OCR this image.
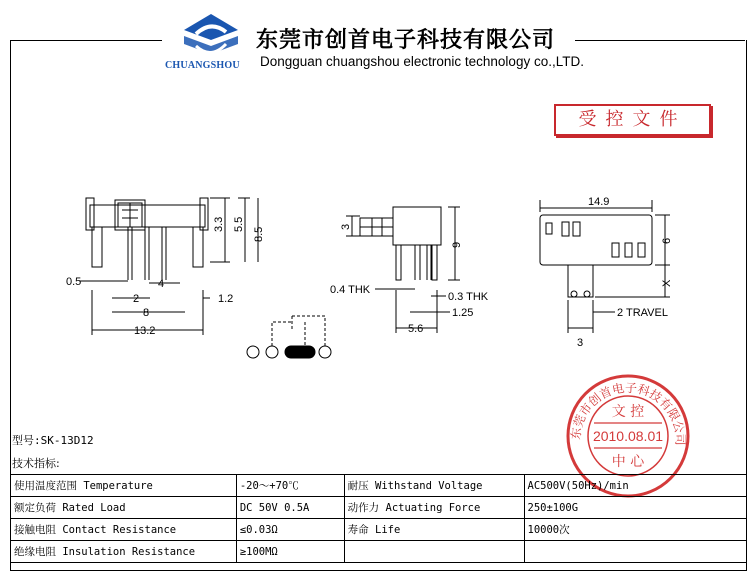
CHUANGSHOU
东莞市创首电子科技有限公司
Dongguan chuangshou electronic technology co.,LTD.
受控文件
0.5	4
2	1.2
8
13.2
3.3 5.5
8.5	3
9
0.4 THK
0.3 THK
1.25
5.6
14.9
6
X
2 TRAVEL
3
东莞市创首电子科技有限公司
文 控
2010.08.01
中 心
型号:SK-13D12
技术指标:
使用温度范围 Temperature	-20～+70℃	耐压 Withstand Voltage	AC500V(50Hz)/min
额定负荷 Rated Load	DC 50V 0.5A	动作力 Actuating Force	250±100G
接触电阻 Contact Resistance	≤0.03Ω	寿命 Life	10000次
绝缘电阻 Insulation Resistance	≥100MΩ		
